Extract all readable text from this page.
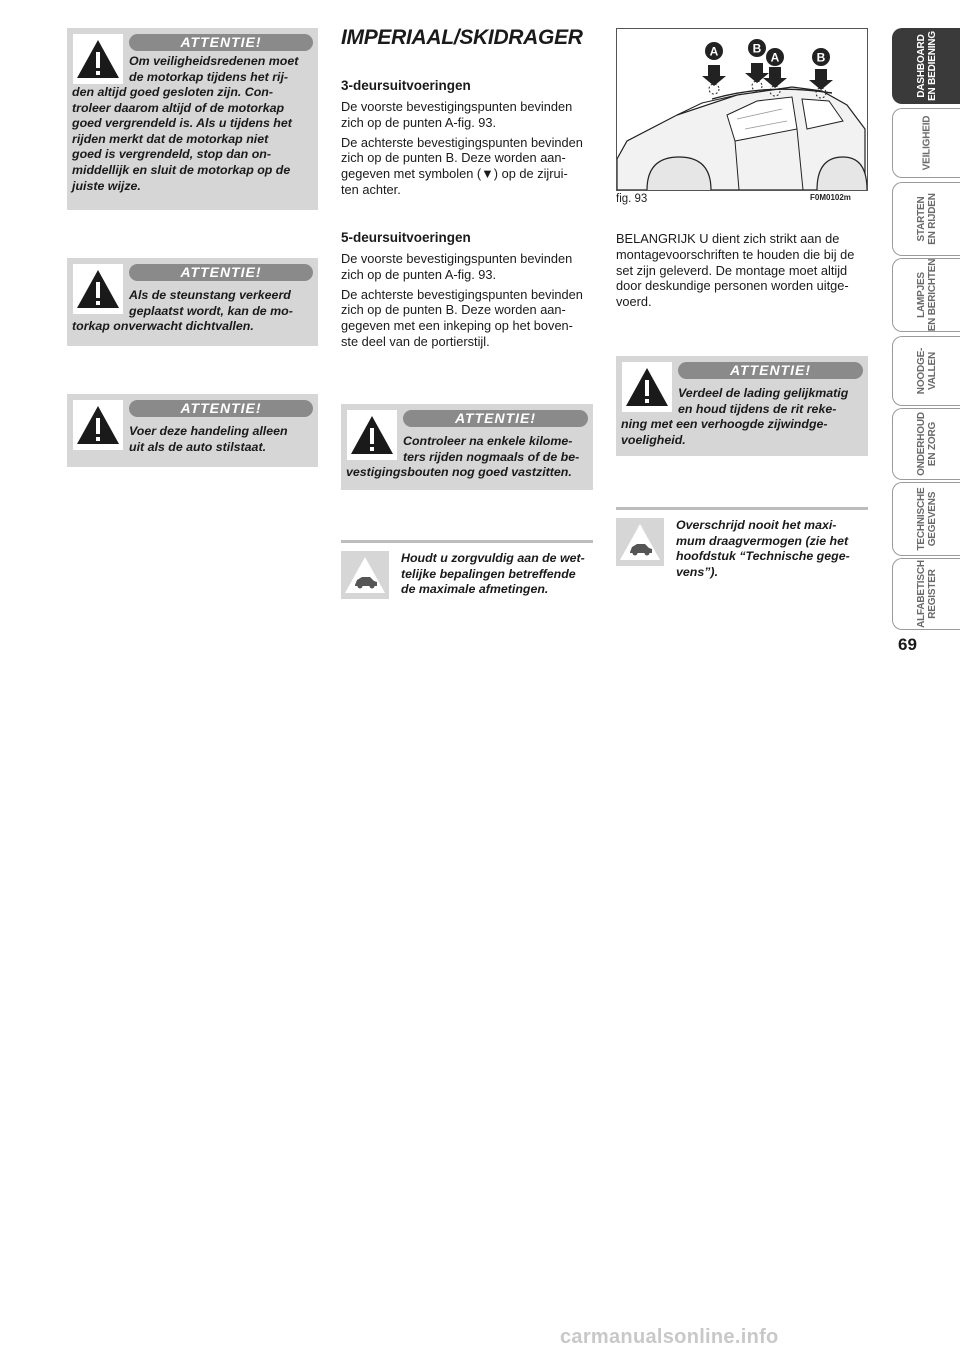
ATTENTIE!

Om veiligheidsredenen moet

de motorkap tijdens het rij-

den altijd goed gesloten zijn. Con-

troleer daarom altijd of de motorkap

goed vergrendeld is. Als u tijdens het

rijden merkt dat de motorkap niet

goed is vergrendeld, stop dan on-

middellijk en sluit de motorkap op de

juiste wijze.

ATTENTIE!

Als de steunstang verkeerd

geplaatst wordt, kan de mo-

torkap onverwacht dichtvallen.

ATTENTIE!

Voer deze handeling alleen

uit als de auto stilstaat.

IMPERIAAL/SKIDRAGER
3-deursuitvoeringen

De voorste bevestigingspunten bevinden
zich op de punten A-fig. 93.

De achterste bevestigingspunten bevinden
zich op de punten B. Deze worden aan-
gegeven met symbolen (▼) op de zijrui-
ten achter.

5-deursuitvoeringen

De voorste bevestigingspunten bevinden
zich op de punten A-fig. 93.

De achterste bevestigingspunten bevinden
zich op de punten B. Deze worden aan-
gegeven met een inkeping op het boven-
ste deel van de portierstijl.

ATTENTIE!

Controleer na enkele kilome-

ters rijden nogmaals of de be-

vestigingsbouten nog goed vastzitten.

Houdt u zorgvuldig aan de wet-
telijke bepalingen betreffende
de maximale afmetingen.
A	B
A	B
fig. 93	F0M0102m
BELANGRIJK U dient zich strikt aan de
montagevoorschriften te houden die bij de
set zijn geleverd. De montage moet altijd
door deskundige personen worden uitge-
voerd.
ATTENTIE!

Verdeel de lading gelijkmatig

en houd tijdens de rit reke-

ning met een verhoogde zijwindge-

voeligheid.

Overschrijd nooit het maxi-
mum draagvermogen (zie het
hoofdstuk “Technische gege-
vens”).
DASHBOARD
EN BEDIENING
VEILIGHEID
STARTEN
EN RIJDEN
LAMPJES
EN BERICHTEN
NOODGE-
VALLEN
ONDERHOUD
EN ZORG
TECHNISCHE
GEGEVENS
ALFABETISCH
REGISTER
69
carmanualsonline.info
